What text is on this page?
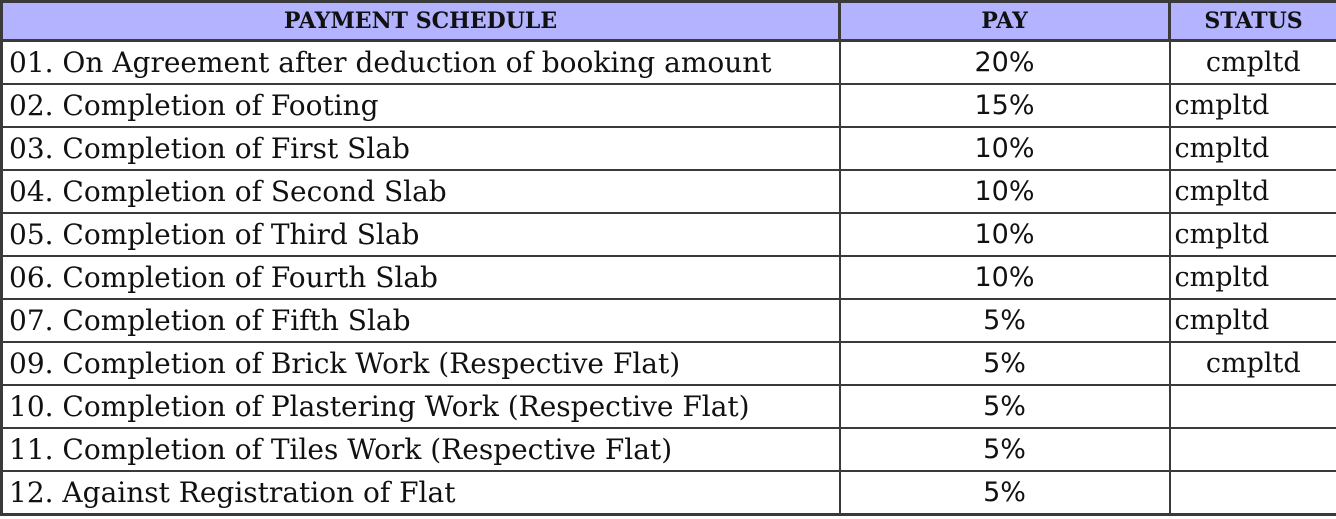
PAYMENT SCHEDULE	PAY	STATUS
01. On Agreement after deduction of booking amount	20%	cmpltd
02. Completion of Footing	15%	cmpltd
03. Completion of First Slab	10%	cmpltd
04. Completion of Second Slab	10%	cmpltd
05. Completion of Third Slab	10%	cmpltd
06. Completion of Fourth Slab	10%	cmpltd
07. Completion of Fifth Slab	5%	cmpltd
09. Completion of Brick Work (Respective Flat)	5%	cmpltd
10. Completion of Plastering Work (Respective Flat)	5%	
11. Completion of Tiles Work (Respective Flat)	5%	
12. Against Registration of Flat	5%	
